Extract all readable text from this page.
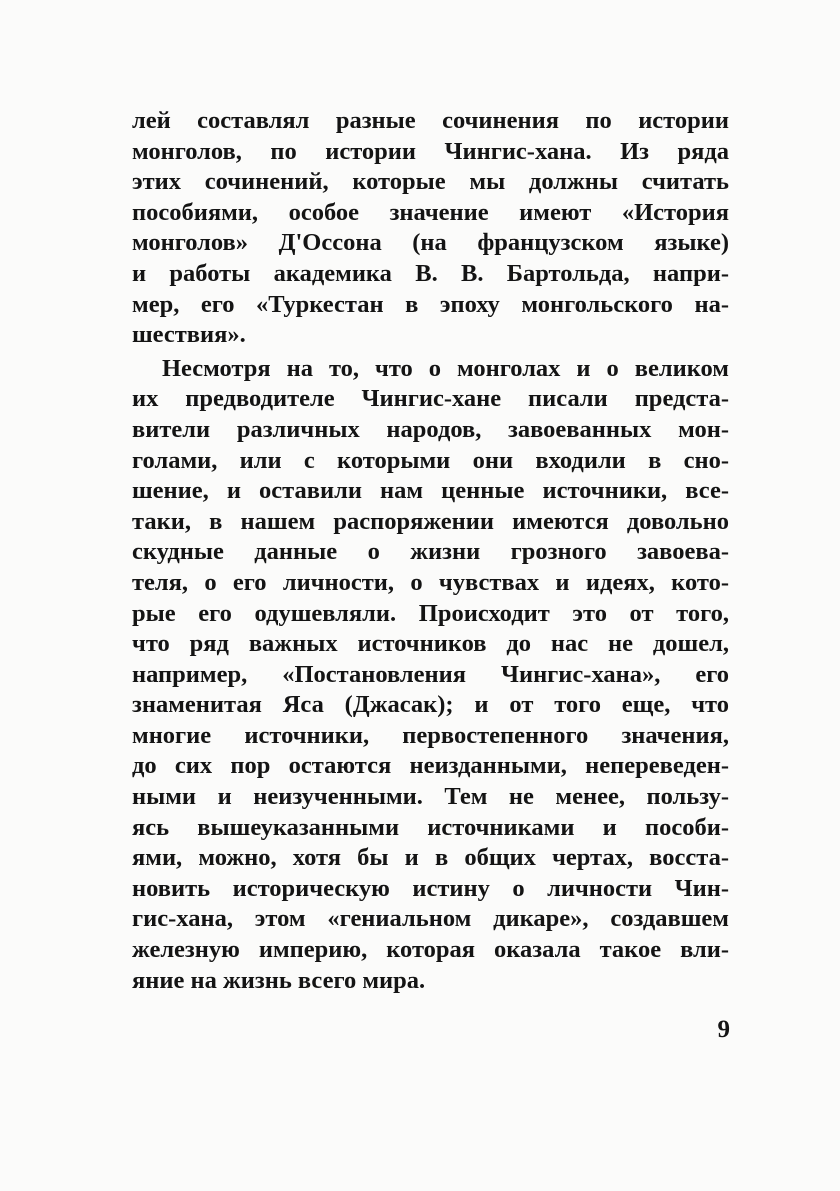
лей составлял разные сочинения по истории
монголов, по истории Чингис-хана. Из ряда
этих сочинений, которые мы должны считать
пособиями, особое значение имеют «История
монголов» Д'Оссона (на французском языке)
и работы академика В. В. Бартольда, напри-
мер, его «Туркестан в эпоху монгольского на-
шествия».
Несмотря на то, что о монголах и о великом
их предводителе Чингис-хане писали предста-
вители различных народов, завоеванных мон-
голами, или с которыми они входили в сно-
шение, и оставили нам ценные источники, все-
таки, в нашем распоряжении имеются довольно
скудные данные о жизни грозного завоева-
теля, о его личности, о чувствах и идеях, кото-
рые его одушевляли. Происходит это от того,
что ряд важных источников до нас не дошел,
например, «Постановления Чингис-хана», его
знаменитая Яса (Джасак); и от того еще, что
многие источники, первостепенного значения,
до сих пор остаются неизданными, непереведен-
ными и неизученными. Тем не менее, пользу-
ясь вышеуказанными источниками и пособи-
ями, можно, хотя бы и в общих чертах, восста-
новить историческую истину о личности Чин-
гис-хана, этом «гениальном дикаре», создавшем
железную империю, которая оказала такое вли-
яние на жизнь всего мира.
9
